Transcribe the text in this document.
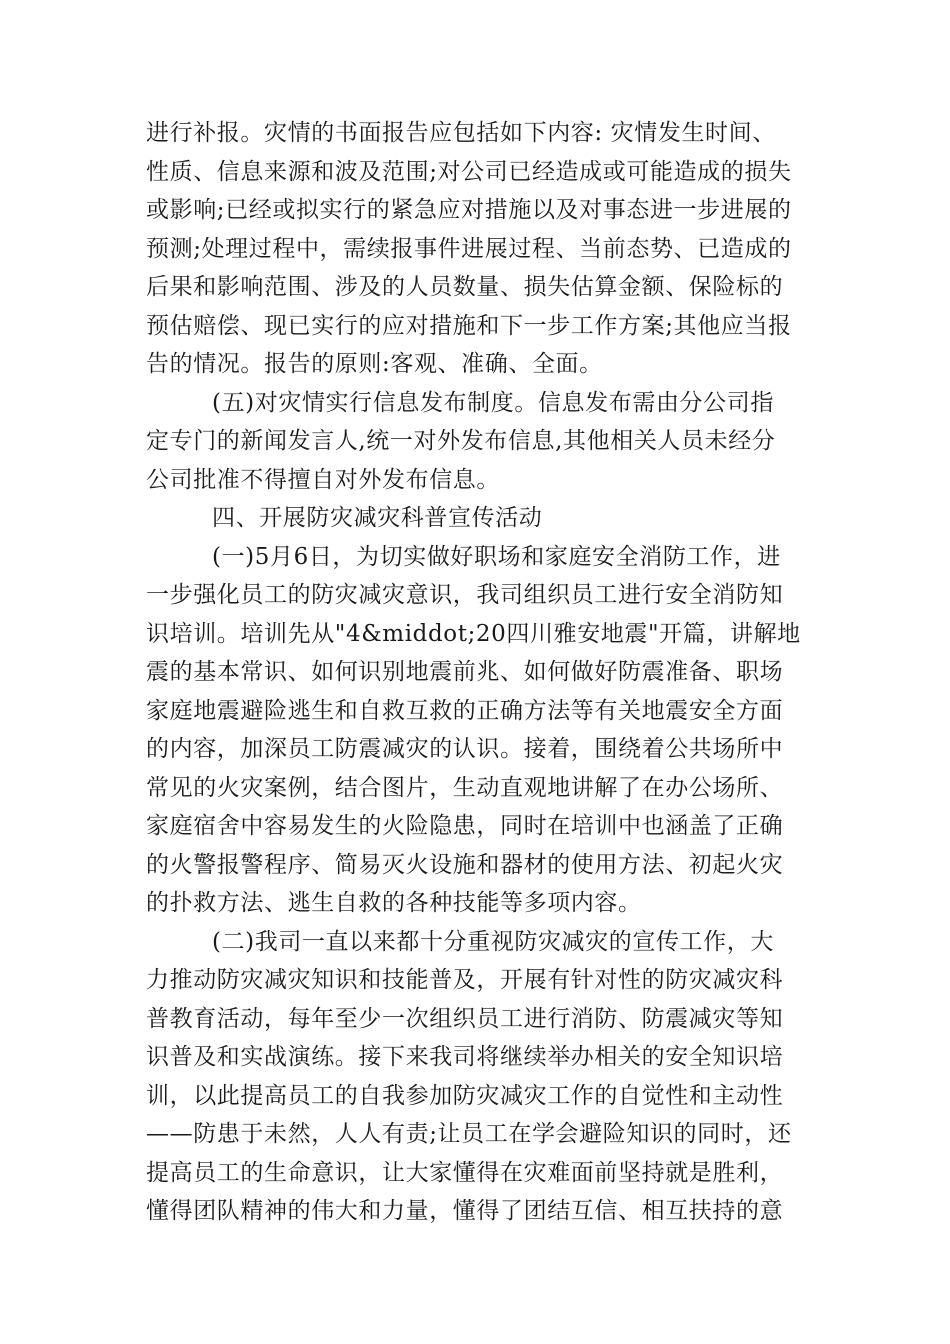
进行补报。灾情的书面报告应包括如下内容: 灾情发生时间、
性质、信息来源和波及范围;对公司已经造成或可能造成的损失
或影响;已经或拟实行的紧急应对措施以及对事态进一步进展的
预测;处理过程中，需续报事件进展过程、当前态势、已造成的
后果和影响范围、涉及的人员数量、损失估算金额、保险标的
预估赔偿、现已实行的应对措施和下一步工作方案;其他应当报
告的情况。报告的原则:客观、准确、全面。
(五)对灾情实行信息发布制度。信息发布需由分公司指
定专门的新闻发言人,统一对外发布信息,其他相关人员未经分
公司批准不得擅自对外发布信息。
四、开展防灾减灾科普宣传活动
(一)5月6日，为切实做好职场和家庭安全消防工作，进
一步强化员工的防灾减灾意识，我司组织员工进行安全消防知
识培训。培训先从"4&middot;20四川雅安地震"开篇，讲解地
震的基本常识、如何识别地震前兆、如何做好防震准备、职场
家庭地震避险逃生和自救互救的正确方法等有关地震安全方面
的内容，加深员工防震减灾的认识。接着，围绕着公共场所中
常见的火灾案例，结合图片，生动直观地讲解了在办公场所、
家庭宿舍中容易发生的火险隐患，同时在培训中也涵盖了正确
的火警报警程序、简易灭火设施和器材的使用方法、初起火灾
的扑救方法、逃生自救的各种技能等多项内容。
(二)我司一直以来都十分重视防灾减灾的宣传工作，大
力推动防灾减灾知识和技能普及，开展有针对性的防灾减灾科
普教育活动，每年至少一次组织员工进行消防、防震减灾等知
识普及和实战演练。接下来我司将继续举办相关的安全知识培
训，以此提高员工的自我参加防灾减灾工作的自觉性和主动性
——防患于未然，人人有责;让员工在学会避险知识的同时，还
提高员工的生命意识，让大家懂得在灾难面前坚持就是胜利，
懂得团队精神的伟大和力量，懂得了团结互信、相互扶持的意
